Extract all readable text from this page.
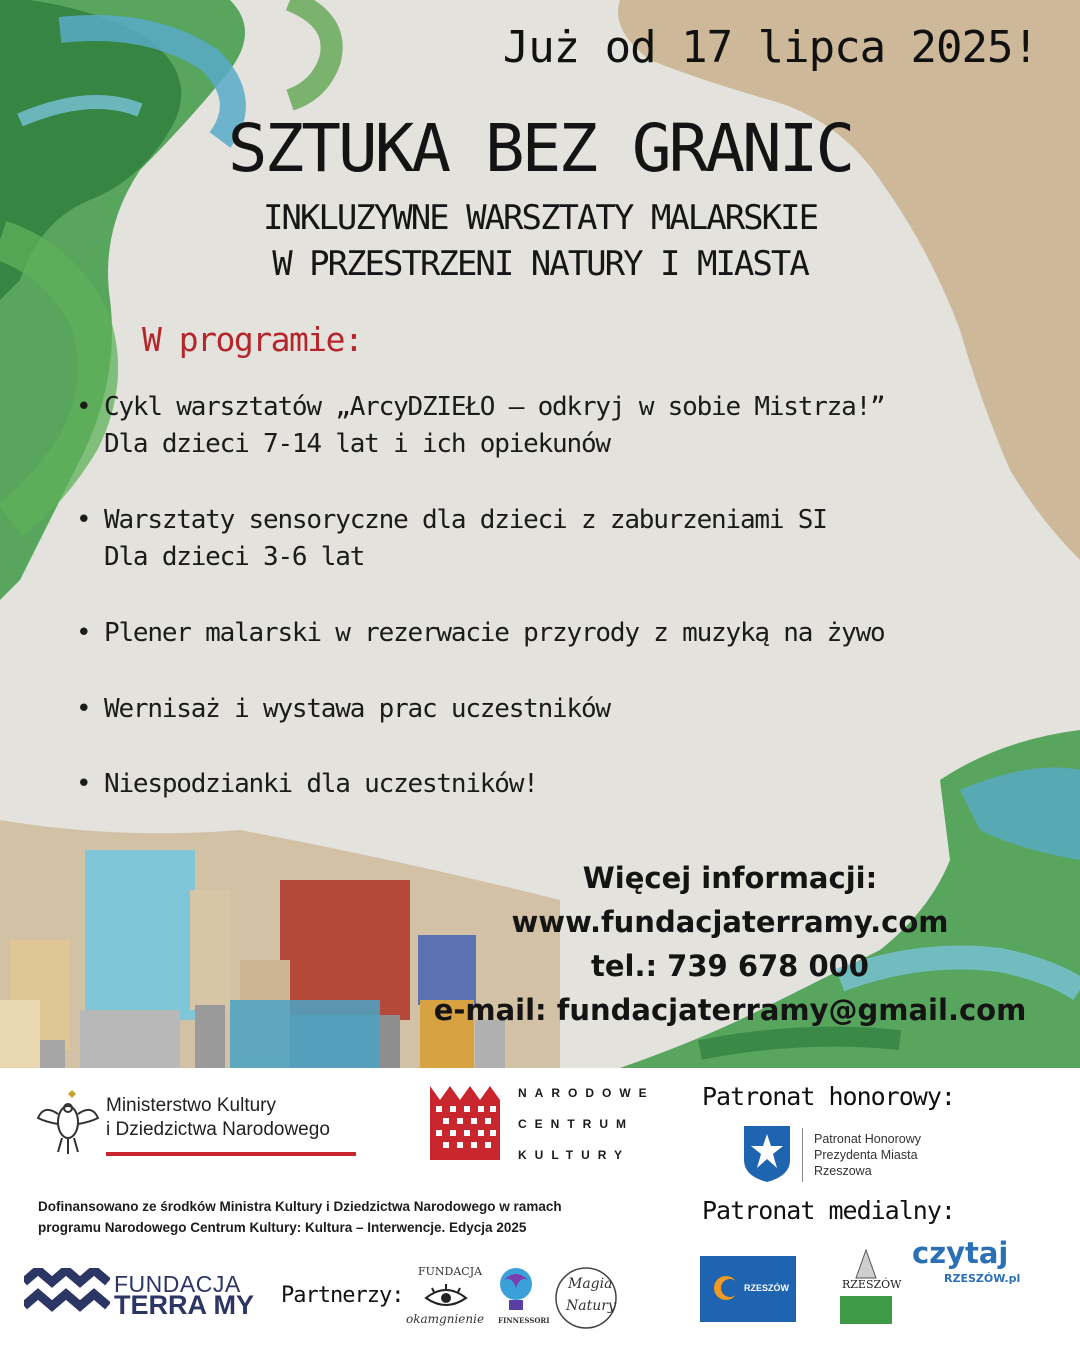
Już od 17 lipca 2025!
SZTUKA BEZ GRANIC
INKLUZYWNE WARSZTATY MALARSKIE
W PRZESTRZENI NATURY I MIASTA
W programie:
• Cykl warsztatów „ArcyDZIEŁO – odkryj w sobie Mistrza!”
Dla dzieci 7-14 lat i ich opiekunów
• Warsztaty sensoryczne dla dzieci z zaburzeniami SI
Dla dzieci 3-6 lat
• Plener malarski w rezerwacie przyrody z muzyką na żywo
• Wernisaż i wystawa prac uczestników
• Niespodzianki dla uczestników!
Więcej informacji:
www.fundacjaterramy.com
tel.: 739 678 000
e-mail: fundacjaterramy@gmail.com
Ministerstwo Kultury
i Dziedzictwa Narodowego
NARODOWE
CENTRUM
KULTURY
Patronat honorowy:
Patronat Honorowy
Prezydenta Miasta
Rzeszowa
Dofinansowano ze środków Ministra Kultury i Dziedzictwa Narodowego w ramach
programu Narodowego Centrum Kultury: Kultura – Interwencje. Edycja 2025
Patronat medialny:
FUNDACJA
TERRA MY Partnerzy:
FUNDACJA
okamgnienie FINNESSORI
Magia
Natury
RZESZÓW	RZESZÓW
czytaj
RZESZÓW.pl
